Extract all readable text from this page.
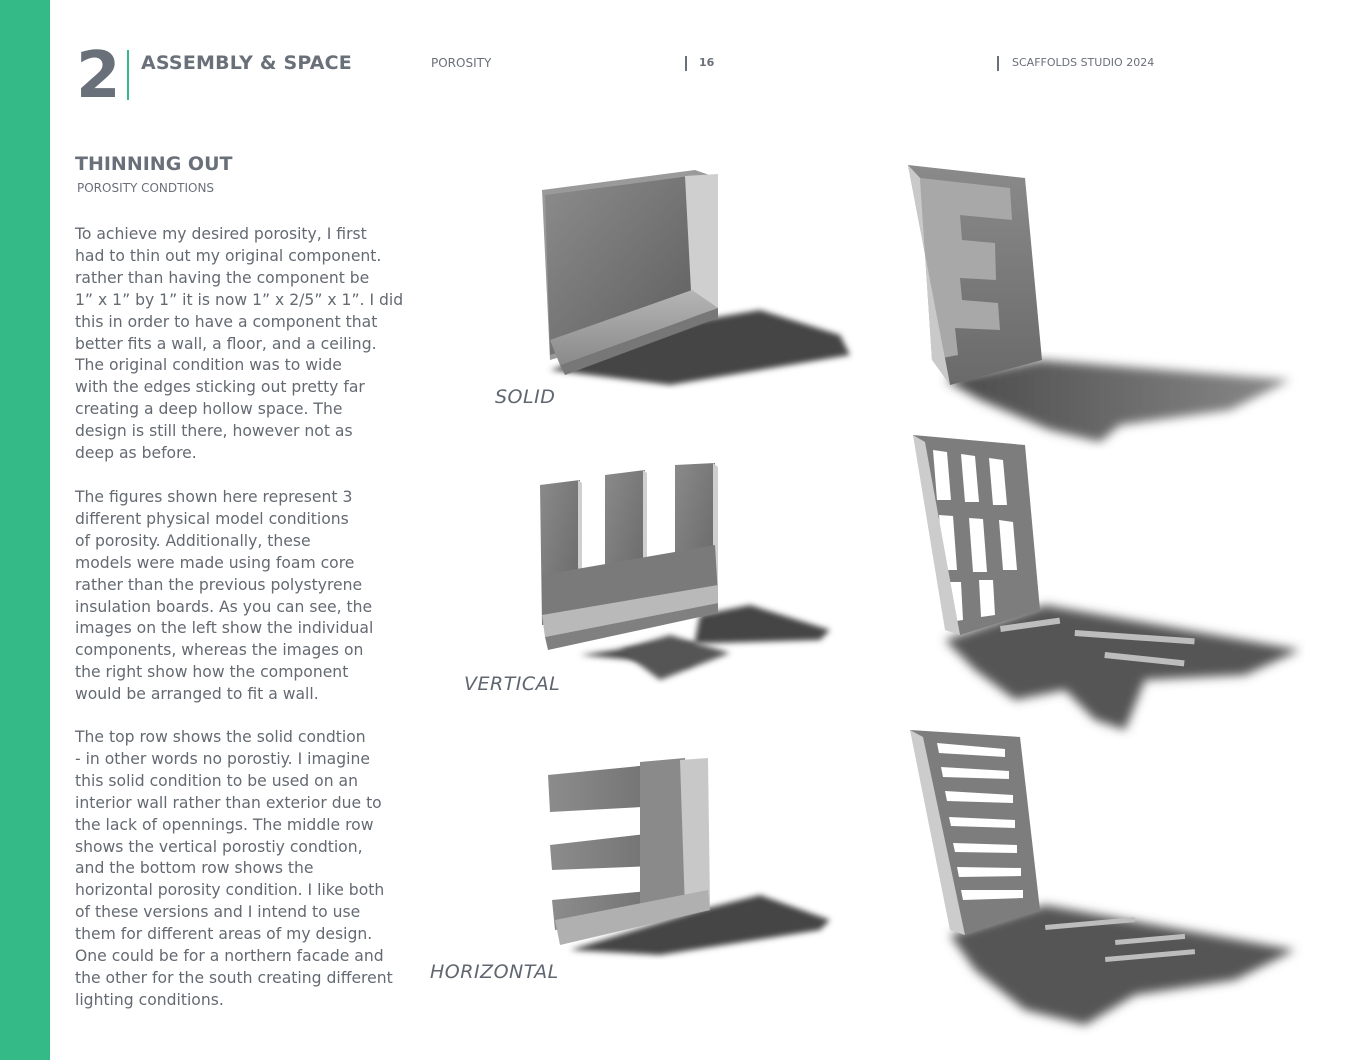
2 ASSEMBLY & SPACE	POROSITY	16	SCAFFOLDS STUDIO 2024
THINNING OUT
POROSITY CONDTIONS

To achieve my desired porosity, I first
had to thin out my original component.
rather than having the component be
1” x 1” by 1” it is now 1” x 2/5” x 1”. I did
this in order to have a component that
better fits a wall, a floor, and a ceiling.
The original condition was to wide
with the edges sticking out pretty far
creating a deep hollow space. The
design is still there, however not as
deep as before.

The figures shown here represent 3
different physical model conditions
of porosity. Additionally, these
models were made using foam core
rather than the previous polystyrene
insulation boards. As you can see, the
images on the left show the individual
components, whereas the images on
the right show how the component
would be arranged to fit a wall.

The top row shows the solid condtion
- in other words no porostiy. I imagine
this solid condition to be used on an
interior wall rather than exterior due to
the lack of opennings. The middle row
shows the vertical porostiy condtion,
and the bottom row shows the
horizontal porosity condition. I like both
of these versions and I intend to use
them for different areas of my design.
One could be for a northern facade and
the other for the south creating different
lighting conditions.

SOLID
VERTICAL
HORIZONTAL
